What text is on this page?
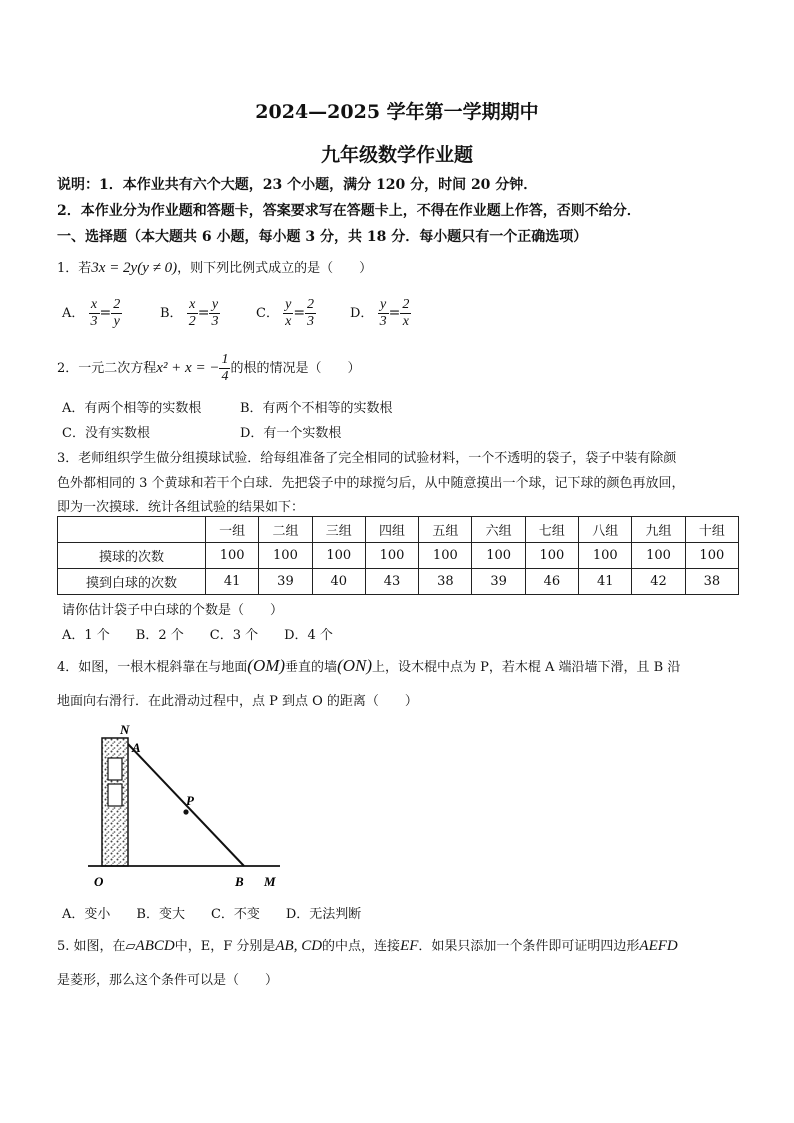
2024—2025 学年第一学期期中
九年级数学作业题
说明：1．本作业共有六个大题，23 个小题，满分 120 分，时间 20 分钟．
2．本作业分为作业题和答题卡，答案要求写在答题卡上，不得在作业题上作答，否则不给分．
一、选择题（本大题共 6 小题，每小题 3 分，共 18 分．每小题只有一个正确选项）
1．若3x = 2y(y ≠ 0)，则下列比例式成立的是（　　）
A． $\frac{x}{3} = \frac{2}{y}$	B． $\frac{x}{2} = \frac{y}{3}$	C． $\frac{y}{x} = \frac{2}{3}$	D． $\frac{y}{3} = \frac{2}{x}$
2．一元二次方程x² + x = − $\frac{1}{4}$ 的根的情况是（　　）
A．有两个相等的实数根	B．有两个不相等的实数根
C．没有实数根	D．有一个实数根
3．老师组织学生做分组摸球试验．给每组准备了完全相同的试验材料，一个不透明的袋子，袋子中装有除颜
色外都相同的 3 个黄球和若干个白球．先把袋子中的球搅匀后，从中随意摸出一个球，记下球的颜色再放回，
即为一次摸球．统计各组试验的结果如下：
	一组	二组	三组	四组	五组	六组	七组	八组	九组	十组
摸球的次数	100	100	100	100	100	100	100	100	100	100
摸到白球的次数	41	39	40	43	38	39	46	41	42	38
请你估计袋子中白球的个数是（　　）
A．1 个　　B．2 个　　C．3 个　　D．4 个
4．如图，一根木棍斜靠在与地面(OM)垂直的墙(ON)上，设木棍中点为 P，若木棍 A 端沿墙下滑，且 B 沿
地面向右滑行．在此滑动过程中，点 P 到点 O 的距离（　　）
N
A
P
O	B M
A．变小　　B．变大　　C．不变　　D．无法判断
5. 如图，在▱ABCD中，E，F 分别是AB, CD的中点，连接EF．如果只添加一个条件即可证明四边形AEFD
是菱形，那么这个条件可以是（　　）
